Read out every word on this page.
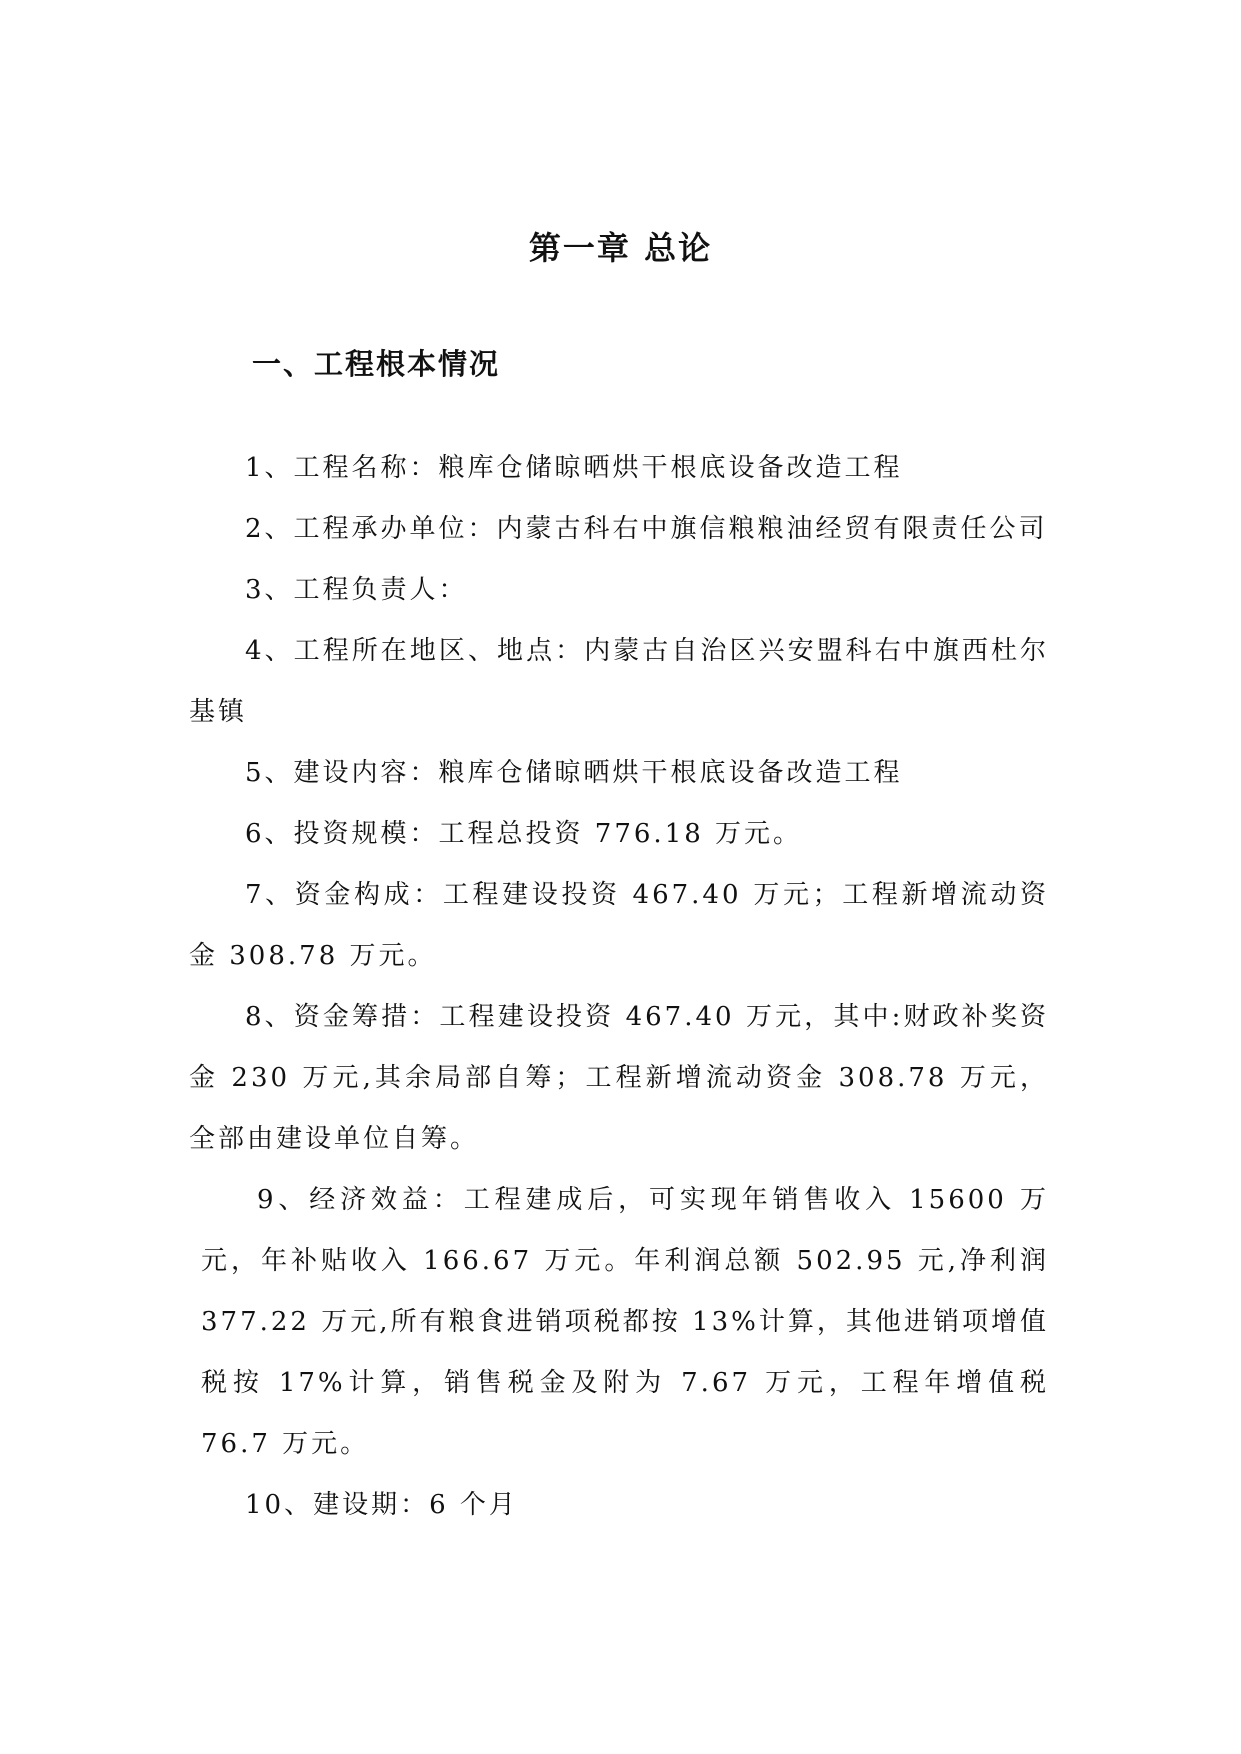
第一章 总论
一、工程根本情况

1、工程名称：粮库仓储晾晒烘干根底设备改造工程

2、工程承办单位：内蒙古科右中旗信粮粮油经贸有限责任公司

3、工程负责人：

4、工程所在地区、地点：内蒙古自治区兴安盟科右中旗西杜尔基镇

5、建设内容：粮库仓储晾晒烘干根底设备改造工程

6、投资规模：工程总投资 776.18 万元。

7、资金构成：工程建设投资 467.40 万元；工程新增流动资金 308.78 万元。

8、资金筹措：工程建设投资 467.40 万元，其中:财政补奖资金 230 万元,其余局部自筹；工程新增流动资金 308.78 万元，全部由建设单位自筹。

9、经济效益：工程建成后，可实现年销售收入 15600 万元，年补贴收入 166.67 万元。年利润总额 502.95 元,净利润 377.22 万元,所有粮食进销项税都按 13%计算，其他进销项增值税按 17%计算，销售税金及附为 7.67 万元，工程年增值税 76.7 万元。

10、建设期：6 个月
